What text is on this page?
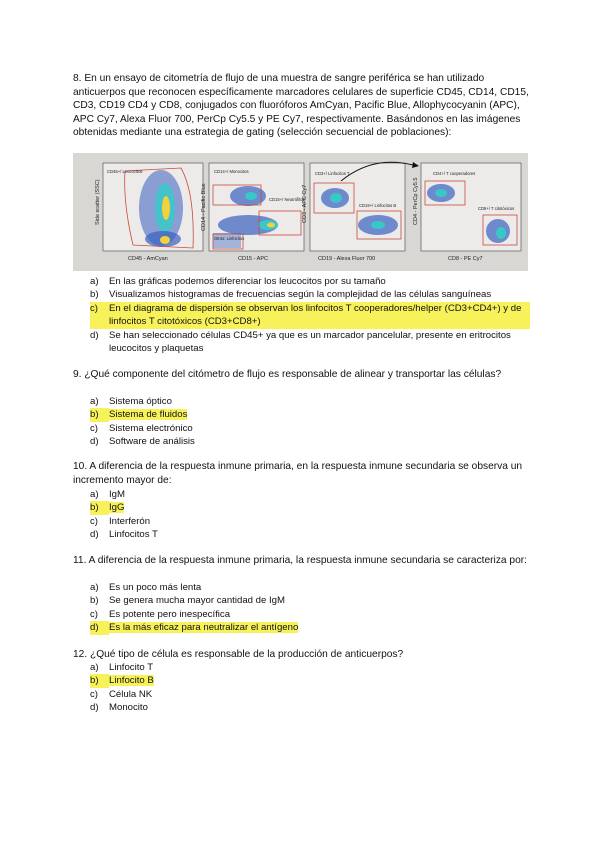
8. En un ensayo de citometría de flujo de una muestra de sangre periférica se han utilizado anticuerpos que reconocen específicamente marcadores celulares de superficie CD45, CD14, CD15, CD3, CD19 CD4 y CD8, conjugados con fluoróforos AmCyan, Pacific Blue, Allophycocyanin (APC), APC Cy7, Alexa Fluor 700, PerCp Cy5.5 y PE Cy7, respectivamente. Basándonos en las imágenes obtenidas mediante una estrategia de gating (selección secuencial de poblaciones):
Side scatter (SSC)
CD45 - AmCyan
CD45+/ Leucocitos
CD14 - Pacific Blue
CD15 - APC
CD14+/ Monocitos
CD15+/ Neutrófilos
Otros: Linfocitos
CD3 - APC Cy7
CD19 - Alexa Fluor 700
CD3+/ Linfocitos T
CD19+/ Linfocitos B	CD4 - PerCp Cy5.5
CD8 - PE Cy7
CD4+/ T cooperadores
CD8+/ T citotóxicos
a)	En las gráficas podemos diferenciar los leucocitos por su tamaño
b)	Visualizamos histogramas de frecuencias según la complejidad de las células sanguíneas
c)	En el diagrama de dispersión se observan los linfocitos T cooperadores/helper (CD3+CD4+) y de linfocitos T citotóxicos (CD3+CD8+)
d)	Se han seleccionado células CD45+ ya que es un marcador pancelular, presente en eritrocitos leucocitos y plaquetas
9. ¿Qué componente del citómetro de flujo es responsable de alinear y transportar las células?
a)	Sistema óptico
b)	Sistema de fluidos
c)	Sistema electrónico
d)	Software de análisis
10. A diferencia de la respuesta inmune primaria, en la respuesta inmune secundaria se observa un incremento mayor de:
a)	IgM
b)	IgG
c)	Interferón
d)	Linfocitos T
11. A diferencia de la respuesta inmune primaria, la respuesta inmune secundaria se caracteriza por:
a)	Es un poco más lenta
b)	Se genera mucha mayor cantidad de IgM
c)	Es potente pero inespecífica
d)	Es la más eficaz para neutralizar el antígeno
12. ¿Qué tipo de célula es responsable de la producción de anticuerpos?
a)	Linfocito T
b)	Linfocito B
c)	Célula NK
d)	Monocito
